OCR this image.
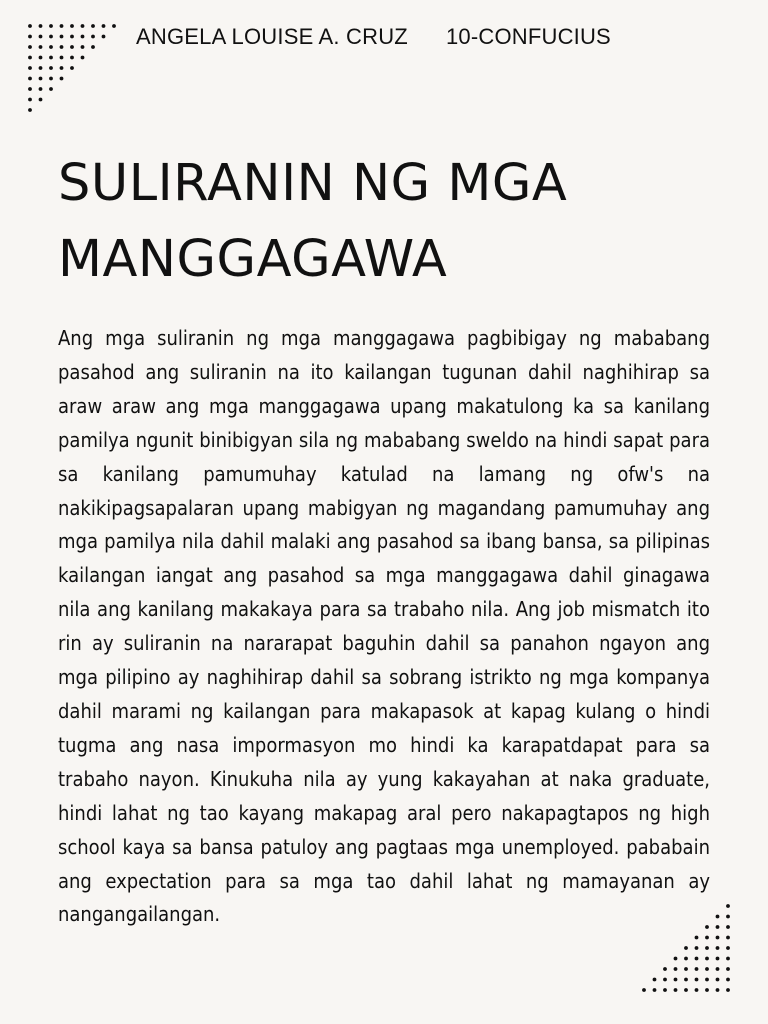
ANGELA LOUISE A. CRUZ 10-CONFUCIUS
SULIRANIN NG MGA MANGGAGAWA

Ang mga suliranin ng mga manggagawa pagbibigay ng mababang pasahod ang suliranin na ito kailangan tugunan dahil naghihirap sa araw araw ang mga manggagawa upang makatulong ka sa kanilang pamilya ngunit binibigyan sila ng mababang sweldo na hindi sapat para sa kanilang pamumuhay katulad na lamang ng ofw's na nakikipagsapalaran upang mabigyan ng magandang pamumuhay ang mga pamilya nila dahil malaki ang pasahod sa ibang bansa, sa pilipinas kailangan iangat ang pasahod sa mga manggagawa dahil ginagawa nila ang kanilang makakaya para sa trabaho nila. Ang job mismatch ito rin ay suliranin na nararapat baguhin dahil sa panahon ngayon ang mga pilipino ay naghihirap dahil sa sobrang istrikto ng mga kompanya dahil marami ng kailangan para makapasok at kapag kulang o hindi tugma ang nasa impormasyon mo hindi ka karapatdapat para sa trabaho nayon. Kinukuha nila ay yung kakayahan at naka graduate, hindi lahat ng tao kayang makapag aral pero nakapagtapos ng high school kaya sa bansa patuloy ang pagtaas mga unemployed. pababain ang expectation para sa mga tao dahil lahat ng mamayanan ay nangangailangan.
